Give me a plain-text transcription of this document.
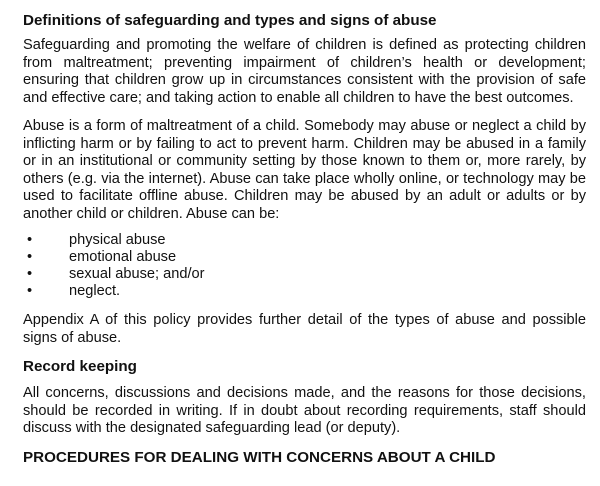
Definitions of safeguarding and types and signs of abuse

Safeguarding and promoting the welfare of children is defined as protecting children from maltreatment; preventing impairment of children’s health or development; ensuring that children grow up in circumstances consistent with the provision of safe and effective care; and taking action to enable all children to have the best outcomes.

Abuse is a form of maltreatment of a child. Somebody may abuse or neglect a child by inflicting harm or by failing to act to prevent harm. Children may be abused in a family or in an institutional or community setting by those known to them or, more rarely, by others (e.g. via the internet). Abuse can take place wholly online, or technology may be used to facilitate offline abuse. Children may be abused by an adult or adults or by another child or children. Abuse can be:

•	physical abuse
•	emotional abuse
•	sexual abuse; and/or
•	neglect.

Appendix A of this policy provides further detail of the types of abuse and possible signs of abuse.

Record keeping

All concerns, discussions and decisions made, and the reasons for those decisions, should be recorded in writing. If in doubt about recording requirements, staff should discuss with the designated safeguarding lead (or deputy).

PROCEDURES FOR DEALING WITH CONCERNS ABOUT A CHILD
